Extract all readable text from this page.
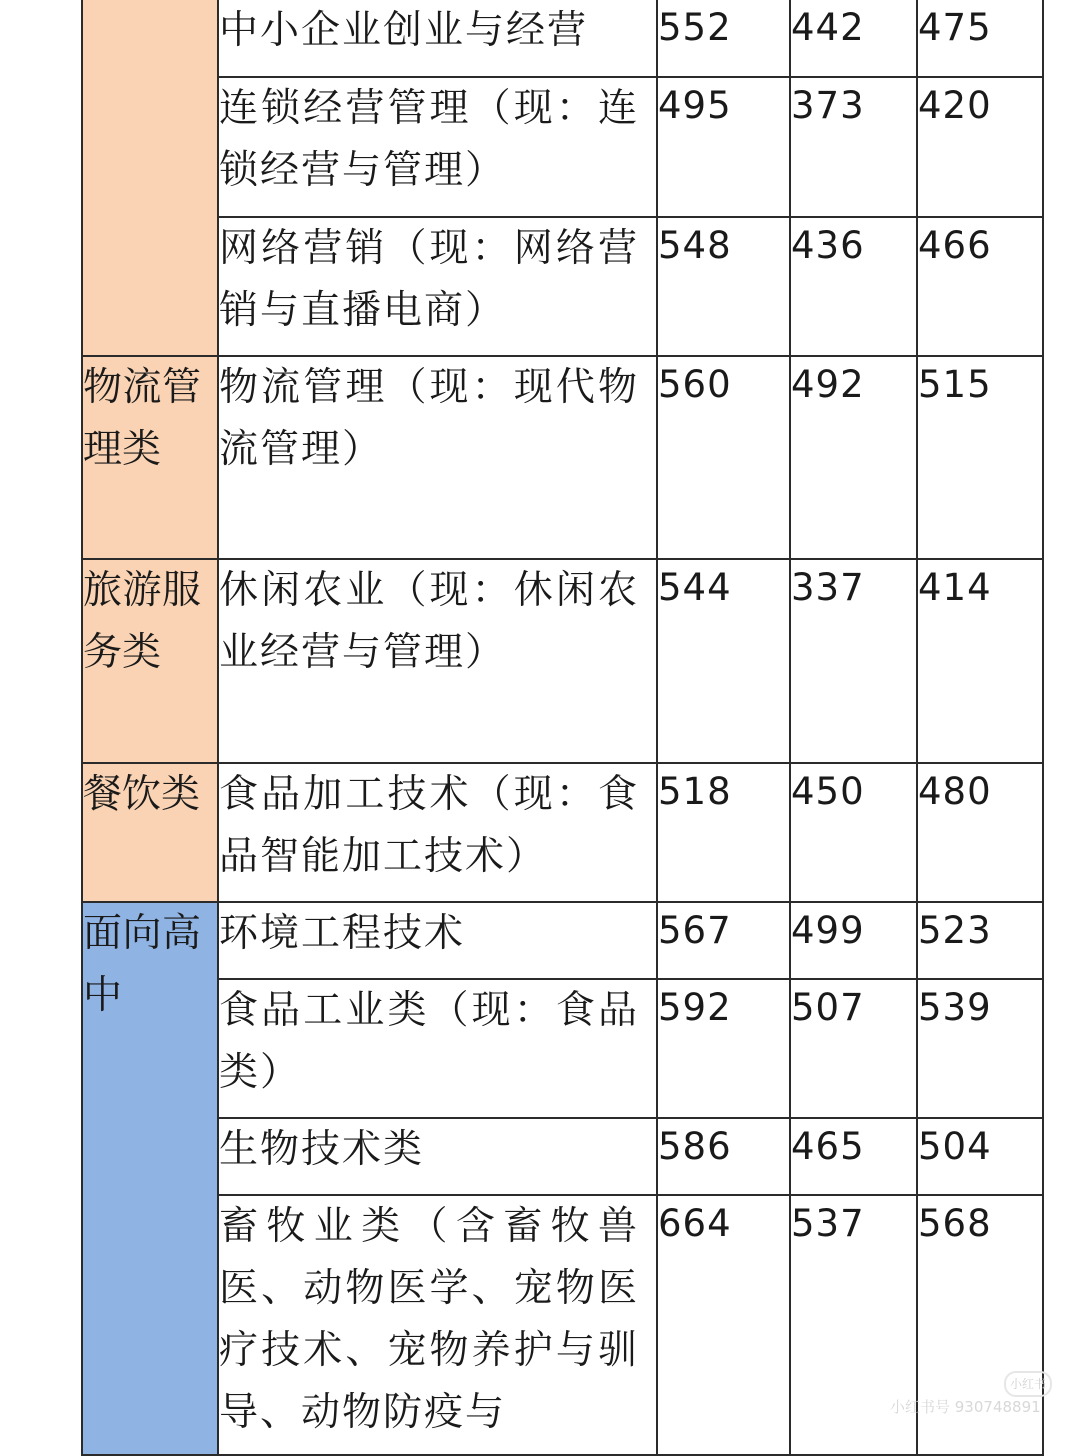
	中小企业创业与经营	552	442	475

	连锁经营管理（现：连锁经营与管理）	495	373	420

	网络营销（现：网络营销与直播电商）	548	436	466

物流管理类	物流管理（现：现代物流管理）	560	492	515

旅游服务类	休闲农业（现：休闲农业经营与管理）	544	337	414

餐饮类	食品加工技术（现：食品智能加工技术）	518	450	480

面向高中	环境工程技术	567	499	523

	食品工业类（现：食品类）	592	507	539

	生物技术类	586	465	504

	畜牧业类（含畜牧兽医、动物医学、宠物医疗技术、宠物养护与驯导、动物防疫与	664	537	568
小红书
小红书号 930748891
